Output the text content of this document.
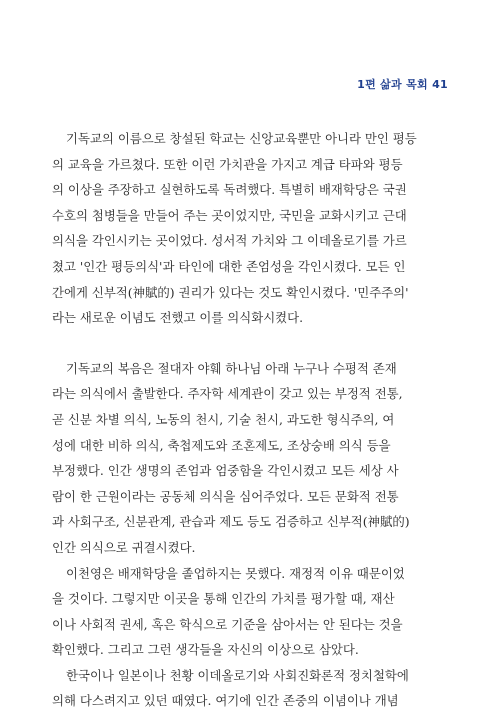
1편 삶과 목회 41
기독교의 이름으로 창설된 학교는 신앙교육뿐만 아니라 만인 평등
의 교육을 가르쳤다. 또한 이런 가치관을 가지고 계급 타파와 평등
의 이상을 주장하고 실현하도록 독려했다. 특별히 배재학당은 국권
수호의 첨병들을 만들어 주는 곳이었지만, 국민을 교화시키고 근대
의식을 각인시키는 곳이었다. 성서적 가치와 그 이데올로기를 가르
쳤고 '인간 평등의식'과 타인에 대한 존엄성을 각인시켰다. 모든 인
간에게 신부적(神賦的) 권리가 있다는 것도 확인시켰다. '민주주의'
라는 새로운 이념도 전했고 이를 의식화시켰다.
기독교의 복음은 절대자 야훼 하나님 아래 누구나 수평적 존재
라는 의식에서 출발한다. 주자학 세계관이 갖고 있는 부정적 전통,
곧 신분 차별 의식, 노동의 천시, 기술 천시, 과도한 형식주의, 여
성에 대한 비하 의식, 축첩제도와 조혼제도, 조상숭배 의식 등을
부정했다. 인간 생명의 존엄과 엄중함을 각인시켰고 모든 세상 사
람이 한 근원이라는 공동체 의식을 심어주었다. 모든 문화적 전통
과 사회구조, 신분관계, 관습과 제도 등도 검증하고 신부적(神賦的)
인간 의식으로 귀결시켰다.
이천영은 배재학당을 졸업하지는 못했다. 재정적 이유 때문이었
을 것이다. 그렇지만 이곳을 통해 인간의 가치를 평가할 때, 재산
이나 사회적 권세, 혹은 학식으로 기준을 삼아서는 안 된다는 것을
확인했다. 그리고 그런 생각들을 자신의 이상으로 삼았다.
한국이나 일본이나 천황 이데올로기와 사회진화론적 정치철학에
의해 다스려지고 있던 때였다. 여기에 인간 존중의 이념이나 개념
